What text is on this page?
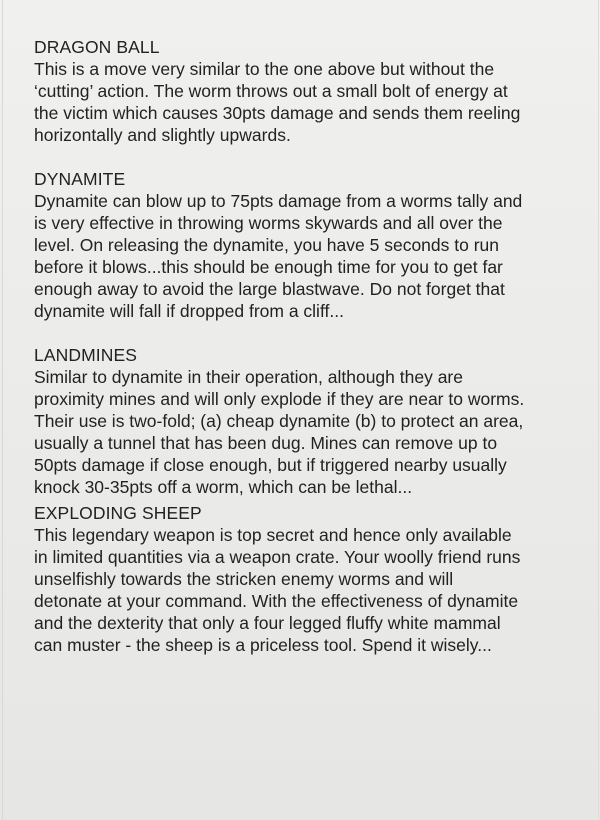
DRAGON BALL
This is a move very similar to the one above but without the
‘cutting’ action. The worm throws out a small bolt of energy at
the victim which causes 30pts damage and sends them reeling
horizontally and slightly upwards.
DYNAMITE
Dynamite can blow up to 75pts damage from a worms tally and
is very effective in throwing worms skywards and all over the
level. On releasing the dynamite, you have 5 seconds to run
before it blows...this should be enough time for you to get far
enough away to avoid the large blastwave. Do not forget that
dynamite will fall if dropped from a cliff...
LANDMINES
Similar to dynamite in their operation, although they are
proximity mines and will only explode if they are near to worms.
Their use is two-fold; (a) cheap dynamite (b) to protect an area,
usually a tunnel that has been dug. Mines can remove up to
50pts damage if close enough, but if triggered nearby usually
knock 30-35pts off a worm, which can be lethal...
EXPLODING SHEEP
This legendary weapon is top secret and hence only available
in limited quantities via a weapon crate. Your woolly friend runs
unselfishly towards the stricken enemy worms and will
detonate at your command. With the effectiveness of dynamite
and the dexterity that only a four legged fluffy white mammal
can muster - the sheep is a priceless tool. Spend it wisely...
